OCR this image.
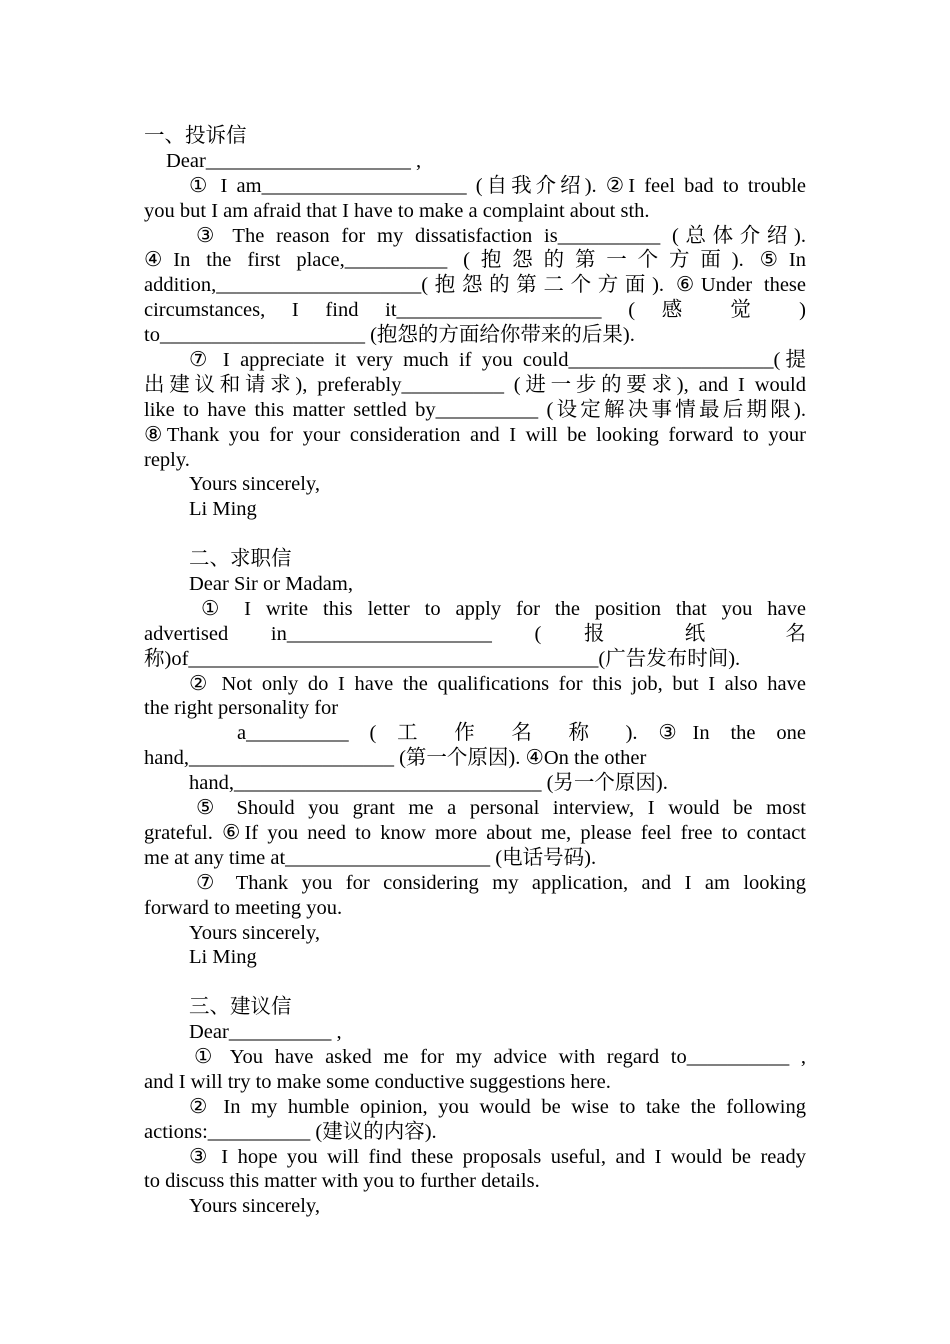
一、投诉信
Dear____________________ ,
① I am____________________ (自我介绍). ②I feel bad to trouble
you but I am afraid that I have to make a complaint about sth.
③ The reason for my dissatisfaction is__________ (总体介绍).
④In the first place,__________ (抱怨的第一个方面). ⑤In
addition,____________________(抱怨的第二个方面). ⑥Under these
circumstances, I find it____________________ ( 感 觉 )
to____________________ (抱怨的方面给你带来的后果).
⑦ I appreciate it very much if you could____________________(提
出建议和请求), preferably__________ (进一步的要求), and I would
like to have this matter settled by__________ (设定解决事情最后期限).
⑧Thank you for your consideration and I will be looking forward to your
reply.
Yours sincerely,
Li Ming
二、求职信
Dear Sir or Madam,
① I write this letter to apply for the position that you have
advertised in____________________ ( 报 纸 名
称)of________________________________________(广告发布时间).
② Not only do I have the qualifications for this job, but I also have
the right personality for
a__________ ( 工 作 名 称 ). ③In the one
hand,____________________ (第一个原因). ④On the other
hand,______________________________ (另一个原因).
⑤ Should you grant me a personal interview, I would be most
grateful. ⑥If you need to know more about me, please feel free to contact
me at any time at____________________ (电话号码).
⑦ Thank you for considering my application, and I am looking
forward to meeting you.
Yours sincerely,
Li Ming
三、建议信
Dear__________ ,
① You have asked me for my advice with regard to__________ ,
and I will try to make some conductive suggestions here.
② In my humble opinion, you would be wise to take the following
actions:__________ (建议的内容).
③ I hope you will find these proposals useful, and I would be ready
to discuss this matter with you to further details.
Yours sincerely,
